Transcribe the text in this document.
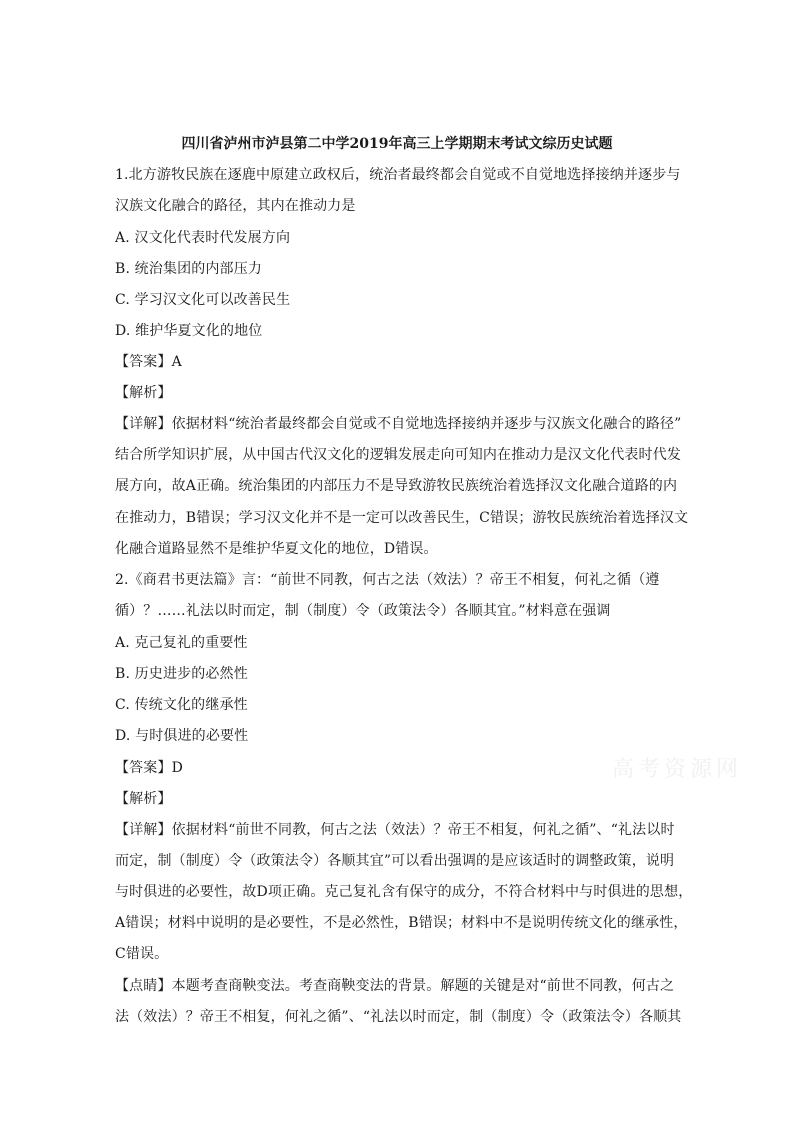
四川省泸州市泸县第二中学2019年高三上学期期末考试文综历史试题
1.北方游牧民族在逐鹿中原建立政权后，统治者最终都会自觉或不自觉地选择接纳并逐步与
汉族文化融合的路径，其内在推动力是
A. 汉文化代表时代发展方向
B. 统治集团的内部压力
C. 学习汉文化可以改善民生
D. 维护华夏文化的地位
【答案】A
【解析】
【详解】依据材料“统治者最终都会自觉或不自觉地选择接纳并逐步与汉族文化融合的路径”
结合所学知识扩展，从中国古代汉文化的逻辑发展走向可知内在推动力是汉文化代表时代发
展方向，故A正确。统治集团的内部压力不是导致游牧民族统治着选择汉文化融合道路的内
在推动力，B错误；学习汉文化并不是一定可以改善民生，C错误；游牧民族统治着选择汉文
化融合道路显然不是维护华夏文化的地位，D错误。
2.《商君书更法篇》言：“前世不同教，何古之法（效法）？帝王不相复，何礼之循（遵
循）？……礼法以时而定，制（制度）令（政策法令）各顺其宜。”材料意在强调
A. 克己复礼的重要性
B. 历史进步的必然性
C. 传统文化的继承性
D. 与时俱进的必要性
【答案】D
【解析】
【详解】依据材料“前世不同教，何古之法（效法）？帝王不相复，何礼之循”、“礼法以时
而定，制（制度）令（政策法令）各顺其宜”可以看出强调的是应该适时的调整政策，说明
与时俱进的必要性，故D项正确。克己复礼含有保守的成分，不符合材料中与时俱进的思想，
A错误；材料中说明的是必要性，不是必然性，B错误；材料中不是说明传统文化的继承性，
C错误。
【点睛】本题考查商鞅变法。考查商鞅变法的背景。解题的关键是对“前世不同教，何古之
法（效法）？帝王不相复，何礼之循”、“礼法以时而定，制（制度）令（政策法令）各顺其
高考资源网
